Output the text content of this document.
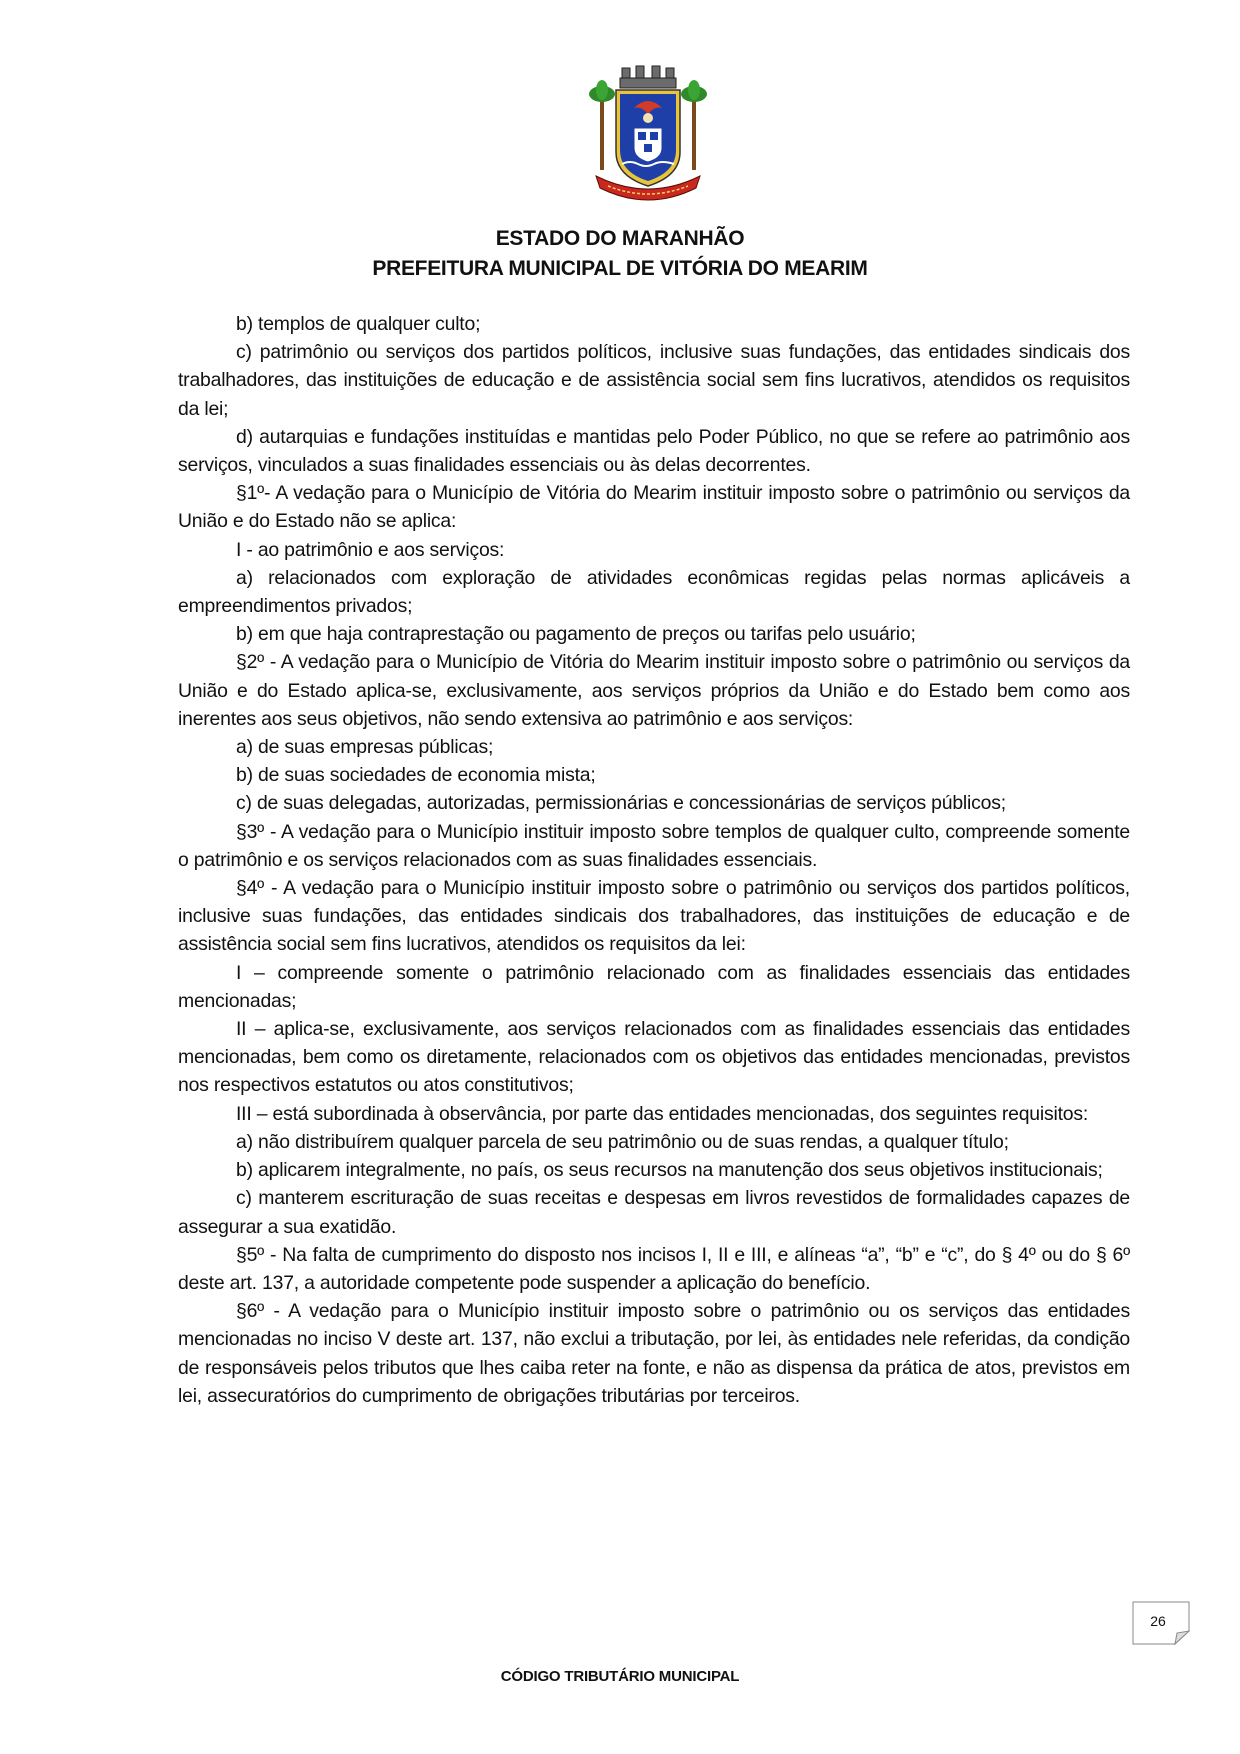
ESTADO DO MARANHÃO
PREFEITURA MUNICIPAL DE VITÓRIA DO MEARIM

b) templos de qualquer culto;

c) patrimônio ou serviços dos partidos políticos, inclusive suas fundações, das entidades sindicais dos trabalhadores, das instituições de educação e de assistência social sem fins lucrativos, atendidos os requisitos da lei;

d) autarquias e fundações instituídas e mantidas pelo Poder Público, no que se refere ao patrimônio aos serviços, vinculados a suas finalidades essenciais ou às delas decorrentes.

§1º- A vedação para o Município de Vitória do Mearim instituir imposto sobre o patrimônio ou serviços da União e do Estado não se aplica:

I - ao patrimônio e aos serviços:

a) relacionados com exploração de atividades econômicas regidas pelas normas aplicáveis a empreendimentos privados;

b) em que haja contraprestação ou pagamento de preços ou tarifas pelo usuário;

§2º - A vedação para o Município de Vitória do Mearim instituir imposto sobre o patrimônio ou serviços da União e do Estado aplica-se, exclusivamente, aos serviços próprios da União e do Estado bem como aos inerentes aos seus objetivos, não sendo extensiva ao patrimônio e aos serviços:

a) de suas empresas públicas;

b) de suas sociedades de economia mista;

c) de suas delegadas, autorizadas, permissionárias e concessionárias de serviços públicos;

§3º - A vedação para o Município instituir imposto sobre templos de qualquer culto, compreende somente o patrimônio e os serviços relacionados com as suas finalidades essenciais.

§4º - A vedação para o Município instituir imposto sobre o patrimônio ou serviços dos partidos políticos, inclusive suas fundações, das entidades sindicais dos trabalhadores, das instituições de educação e de assistência social sem fins lucrativos, atendidos os requisitos da lei:

I – compreende somente o patrimônio relacionado com as finalidades essenciais das entidades mencionadas;

II – aplica-se, exclusivamente, aos serviços relacionados com as finalidades essenciais das entidades mencionadas, bem como os diretamente, relacionados com os objetivos das entidades mencionadas, previstos nos respectivos estatutos ou atos constitutivos;

III – está subordinada à observância, por parte das entidades mencionadas, dos seguintes requisitos:

a) não distribuírem qualquer parcela de seu patrimônio ou de suas rendas, a qualquer título;

b) aplicarem integralmente, no país, os seus recursos na manutenção dos seus objetivos institucionais;

c) manterem escrituração de suas receitas e despesas em livros revestidos de formalidades capazes de assegurar a sua exatidão.

§5º - Na falta de cumprimento do disposto nos incisos I, II e III, e alíneas “a”, “b” e “c”, do § 4º ou do § 6º deste art. 137, a autoridade competente pode suspender a aplicação do benefício.

§6º - A vedação para o Município instituir imposto sobre o patrimônio ou os serviços das entidades mencionadas no inciso V deste art. 137, não exclui a tributação, por lei, às entidades nele referidas, da condição de responsáveis pelos tributos que lhes caiba reter na fonte, e não as dispensa da prática de atos, previstos em lei, assecuratórios do cumprimento de obrigações tributárias por terceiros.

26
CÓDIGO TRIBUTÁRIO MUNICIPAL
